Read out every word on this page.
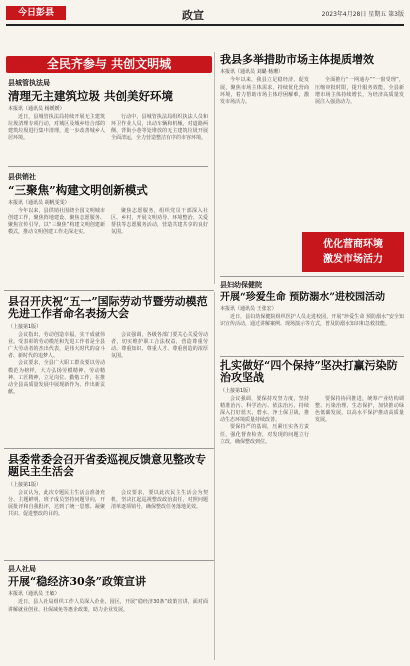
今日彭县	政宣	2023年4月28日 星期五 第3版
全民齐参与 共创文明城
县城管执法局
清理无主建筑垃圾 共创美好环境
本报讯（通讯员 杨媛媛）

近日，县城管执法局持续开展无主建筑垃圾清理专项行动，对城区及城乡结合部的建筑垃圾进行集中清理，进一步改善城乡人居环境。

行动中，县城管执法局组织执法人员和环卫作业人员，出动车辆和机械，对道路两侧、背街小巷等处堆放的无主建筑垃圾开展全面清运，全力营造整洁有序的市容环境。

县供销社
“三聚焦”构建文明创新模式
本报讯（通讯员 胡帆雯雯）

今年以来，县供销社围绕全国文明城市创建工作，聚焦阵地建设、聚焦志愿服务、聚焦宣传引导，以“三聚焦”构建文明创建新模式，推动文明创建工作走深走实。

聚焦志愿服务，组织党员干部深入社区、乡村，开展文明劝导、环境整治、关爱帮扶等志愿服务活动，营造共建共享的良好氛围。

我县多举措助市场主体提质增效
本报讯（通讯员 刘璐 杨珊）

今年以来，我县立足稳经济、促发展，聚焦市场主体需求，持续优化营商环境，着力帮助市场主体纾困解难，激发市场活力。

全面推行“一网通办”“一窗受理”，压缩审批时限，提升服务效能，全县新增市场主体持续增长，为经济高质量发展注入强劲动力。

优化营商环境
激发市场活力
县妇幼保健院
开展“珍爱生命 预防溺水”进校园活动
本报讯（通讯员 王张宏）

近日，县妇幼保健院组织医护人员走进校园，开展“珍爱生命 预防溺水”安全知识宣传活动，通过讲解案例、现场演示等方式，普及防溺水知识和急救技能。

县召开庆祝“五一”国际劳动节暨劳动模范先进工作者命名表扬大会
（上接第1版）

会议指出，劳动创造幸福，实干成就伟业。受表彰的劳动模范和先进工作者是全县广大劳动者的杰出代表，是伟大时代的奋斗者、新时代的追梦人。

会议要求，全县广大职工群众要以劳动模范为榜样，大力弘扬劳模精神、劳动精神、工匠精神，立足岗位、勤勉工作，在推动全县高质量发展中展现新作为、作出新贡献。

会议强调，各级各部门要关心关爱劳动者，切实维护职工合法权益，营造尊重劳动、尊重知识、尊重人才、尊重创造的浓厚氛围。

扎实做好“四个保持”坚决打赢污染防治攻坚战
（上接第1版）

会议强调，要保持攻坚力度，坚持精准治污、科学治污、依法治污，持续深入打好蓝天、碧水、净土保卫战，推动生态环境质量持续改善。

要保持严的基调，压紧压实各方责任，强化督查检查，对发现的问题立行立改，确保整改到位。

要保持协同推进，统筹产业结构调整、污染治理、生态保护，加快推动绿色低碳发展，以高水平保护推动高质量发展。

县委常委会召开省委巡视反馈意见整改专题民主生活会
（上接第1版）

会议认为，此次专题民主生活会准备充分、主题鲜明，班子成员坚持问题导向，开展批评和自我批评，达到了统一思想、凝聚共识、促进整改的目的。

会议要求，要以此次民主生活会为契机，坚决扛起巡视整改政治责任，对照问题清单逐项销号，确保整改任务落地见效。

县人社局
开展“稳经济30条”政策宣讲
本报讯（通讯员 王敏）

近日，县人社局组织工作人员深入企业、园区，开展“稳经济30条”政策宣讲，面对面讲解就业创业、社保减免等惠企政策，助力企业发展。
